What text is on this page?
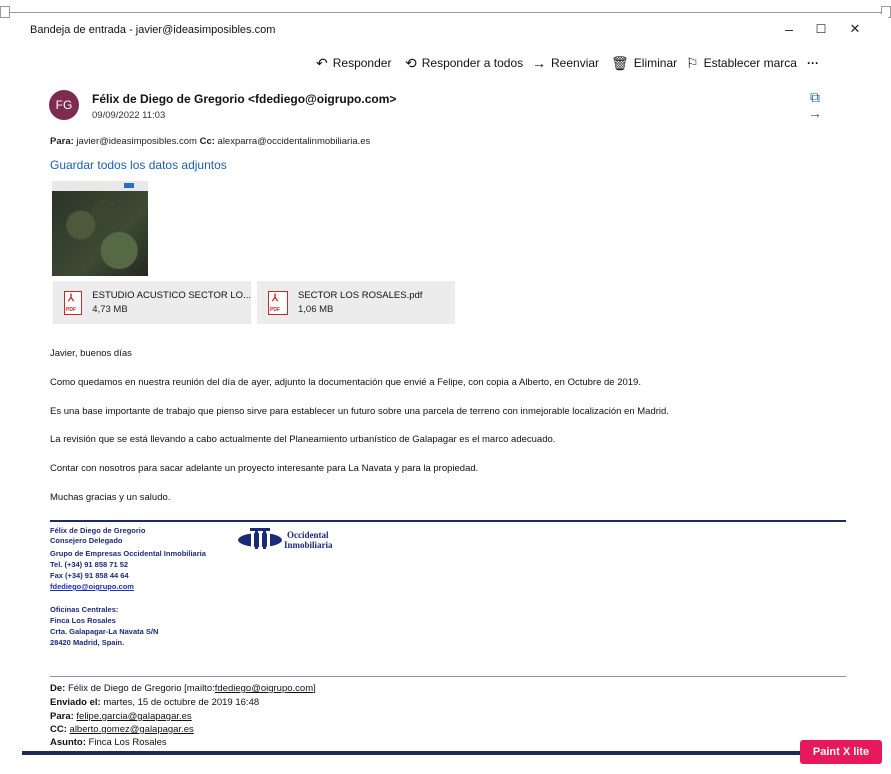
Bandeja de entrada - javier@ideasimposibles.com	–	☐	✕
↶ Responder ⟲ Responder a todos → Reenviar 🗑 Eliminar ⚐ Establecer marca ···
FG	Félix de Diego de Gregorio <fdediego@oigrupo.com>
09/09/2022 11:03
⧉
→
Para: javier@ideasimposibles.com Cc: alexparra@occidentalinmobiliaria.es
Guardar todos los datos adjuntos
⅄
PDF
ESTUDIO ACUSTICO SECTOR LO...
4,73 MB
⅄
PDF
SECTOR LOS ROSALES.pdf
1,06 MB
Javier, buenos días
Como quedamos en nuestra reunión del día de ayer, adjunto la documentación que envié a Felipe, con copia a Alberto, en Octubre de 2019.
Es una base importante de trabajo que pienso sirve para establecer un futuro sobre una parcela de terreno con inmejorable localización en Madrid.
La revisión que se está llevando a cabo actualmente del Planeamiento urbanístico de Galapagar es el marco adecuado.
Contar con nosotros para sacar adelante un proyecto interesante para La Navata y para la propiedad.
Muchas gracias y un saludo.
Félix de Diego de Gregorio
Consejero Delegado
Grupo de Empresas Occidental Inmobiliaria
Tel. (+34) 91 858 71 52
Fax (+34) 91 858 44 64
fdediego@oigrupo.com
Oficinas Centrales:
Finca Los Rosales
Crta. Galapagar-La Navata S/N
28420 Madrid, Spain.
Occidental
Inmobiliaria
De: Félix de Diego de Gregorio [mailto:fdediego@oigrupo.com]
Enviado el: martes, 15 de octubre de 2019 16:48
Para: felipe.garcia@galapagar.es
CC: alberto.gomez@galapagar.es
Asunto: Finca Los Rosales
Paint X lite
